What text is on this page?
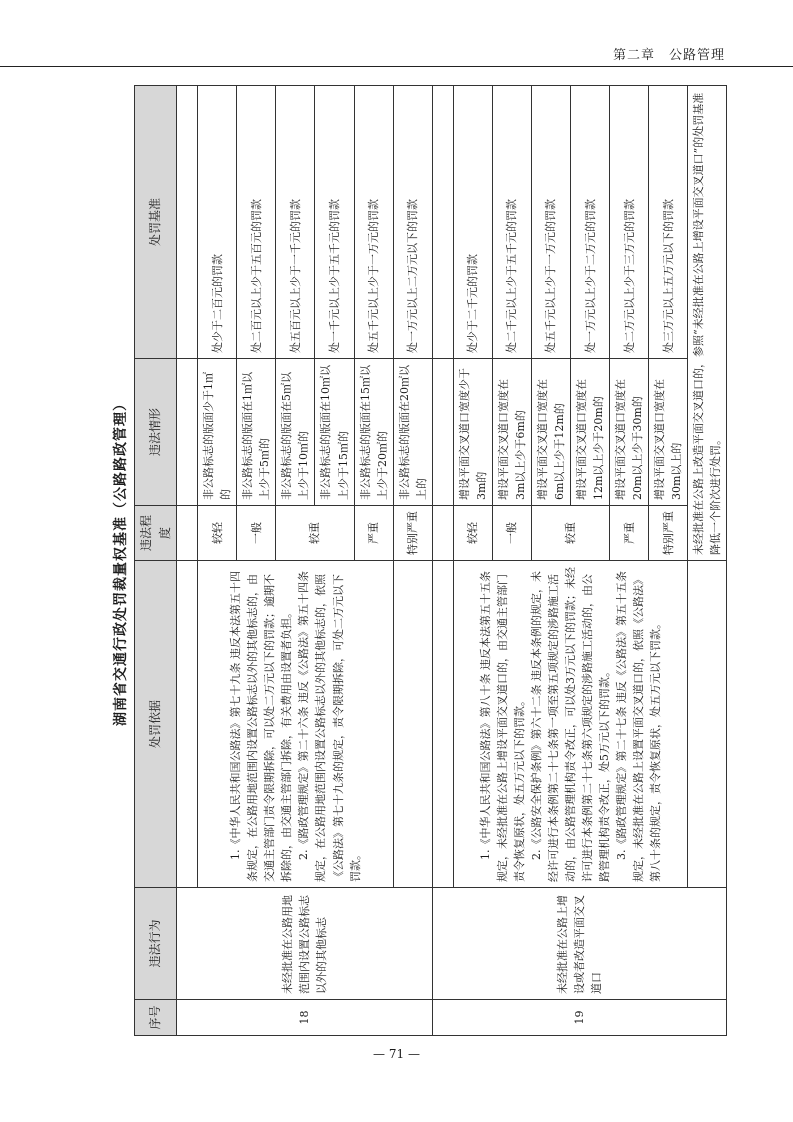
第二章　公路管理
湖南省交通行政处罚裁量权基准（公路路政管理）
序号	违法行为	处罚依据	违法程度	违法情形	处罚基准
18	未经批准在公路用地范围内设置公路标志以外的其他标志				

		1.《中华人民共和国公路法》第七十九条 违反本法第五十四条规定，在公路用地范围内设置公路标志以外的其他标志的，由交通主管部门责令限期拆除，可以处二万元以下的罚款；逾期不拆除的，由交通主管部门拆除，有关费用由设置者负担。 2.《路政管理规定》第二十六条 违反《公路法》第五十四条规定，在公路用地范围内设置公路标志以外的其他标志的，依照《公路法》第七十九条的规定，责令限期拆除，可处二万元以下罚款。	较轻	非公路标志的版面少于1㎡的	处少于二百元的罚款
			一般	非公路标志的版面在1㎡以上少于5㎡的	处二百元以上少于五百元的罚款
			较重	非公路标志的版面在5㎡以上少于10㎡的	处五百元以上少于一千元的罚款
				非公路标志的版面在10㎡以上少于15㎡的	处一千元以上少于五千元的罚款
			严重	非公路标志的版面在15㎡以上少于20㎡的	处五千元以上少于一万元的罚款
			特别严重	非公路标志的版面在20㎡以上的	处一万元以上二万元以下的罚款
19	未经批准在公路上增设或者改造平面交叉道口				

		1.《中华人民共和国公路法》第八十条 违反本法第五十五条规定，未经批准在公路上增设平面交叉道口的，由交通主管部门责令恢复原状，处五万元以下的罚款。 2.《公路安全保护条例》第六十二条 违反本条例的规定，未经许可进行本条例第二十七条第一项至第五项规定的涉路施工活动的，由公路管理机构责令改正，可以处3万元以下的罚款；未经许可进行本条例第二十七条第六项规定的涉路施工活动的，由公路管理机构责令改正，处5万元以下的罚款。 3.《路政管理规定》第二十七条 违反《公路法》第五十五条规定，未经批准在公路上设置平面交叉道口的，依照《公路法》第八十条的规定，责令恢复原状，处五万元以下罚款。	较轻	增设平面交叉道口宽度少于3m的	处少于二千元的罚款
			一般	增设平面交叉道口宽度在3m以上少于6m的	处二千元以上少于五千元的罚款
			较重	增设平面交叉道口宽度在6m以上少于12m的	处五千元以上少于一万元的罚款
				增设平面交叉道口宽度在12m以上少于20m的	处一万元以上少于二万元的罚款
			严重	增设平面交叉道口宽度在20m以上少于30m的	处二万元以上少于三万元的罚款
			特别严重	增设平面交叉道口宽度在30m以上的	处三万元以上五万元以下的罚款
			未经批准在公路上改造平面交叉道口的，参照“未经批准在公路上增设平面交叉道口”的处罚基准降低一个阶次进行处罚。		
— 71 —
